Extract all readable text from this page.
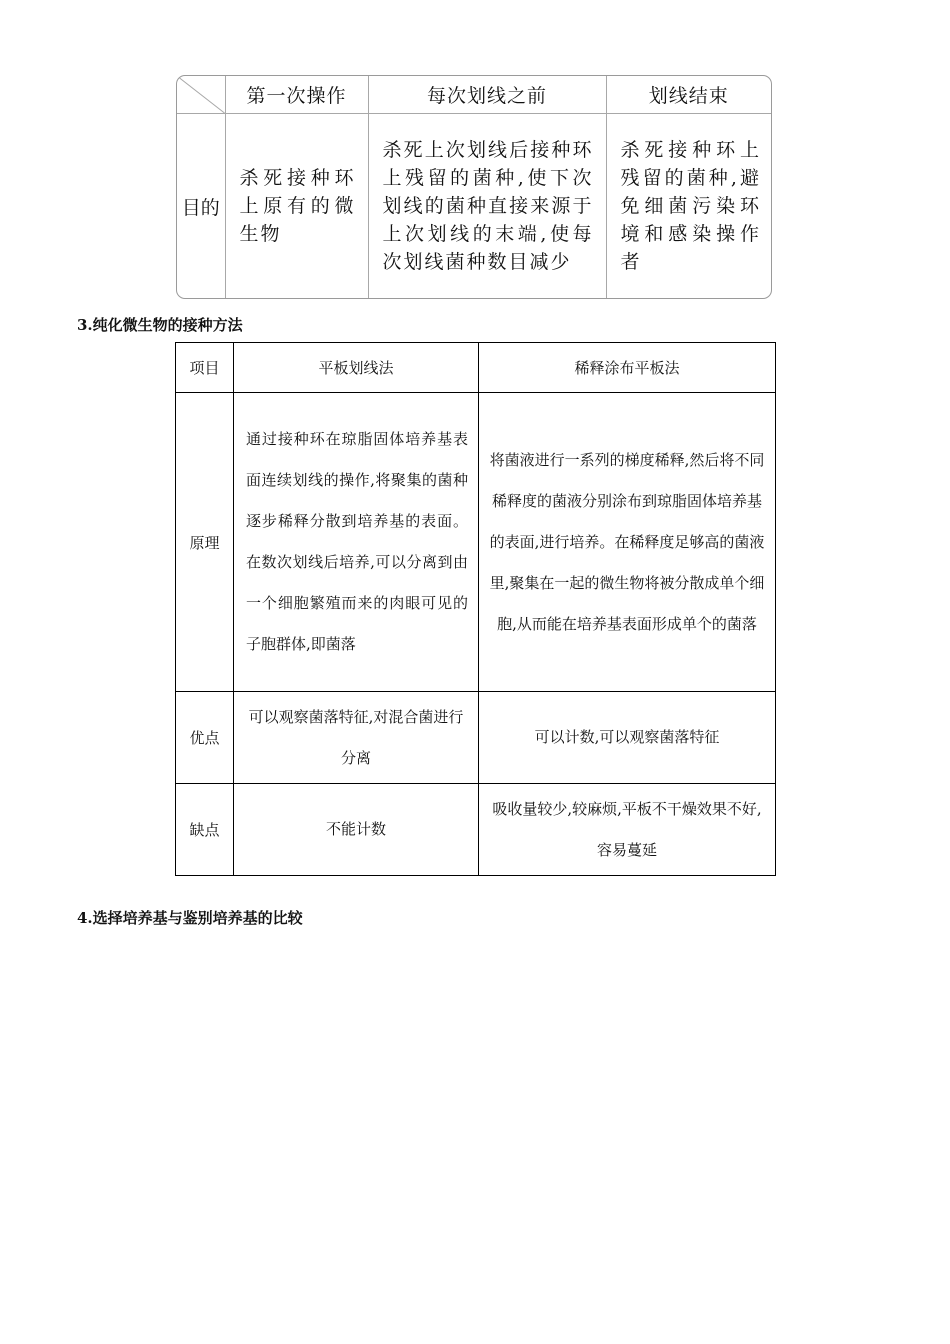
	第一次操作	每次划线之前	划线结束
目的	杀死接种环上原有的微生物	杀死上次划线后接种环上残留的菌种,使下次划线的菌种直接来源于上次划线的末端,使每次划线菌种数目减少	杀死接种环上残留的菌种,避免细菌污染环境和感染操作者
3.纯化微生物的接种方法
项目	平板划线法	稀释涂布平板法
原理	通过接种环在琼脂固体培养基表面连续划线的操作,将聚集的菌种逐步稀释分散到培养基的表面。在数次划线后培养,可以分离到由一个细胞繁殖而来的肉眼可见的子胞群体,即菌落	将菌液进行一系列的梯度稀释,然后将不同稀释度的菌液分别涂布到琼脂固体培养基的表面,进行培养。在稀释度足够高的菌液里,聚集在一起的微生物将被分散成单个细胞,从而能在培养基表面形成单个的菌落
优点	可以观察菌落特征,对混合菌进行分离	可以计数,可以观察菌落特征
缺点	不能计数	吸收量较少,较麻烦,平板不干燥效果不好,容易蔓延
4.选择培养基与鉴别培养基的比较
